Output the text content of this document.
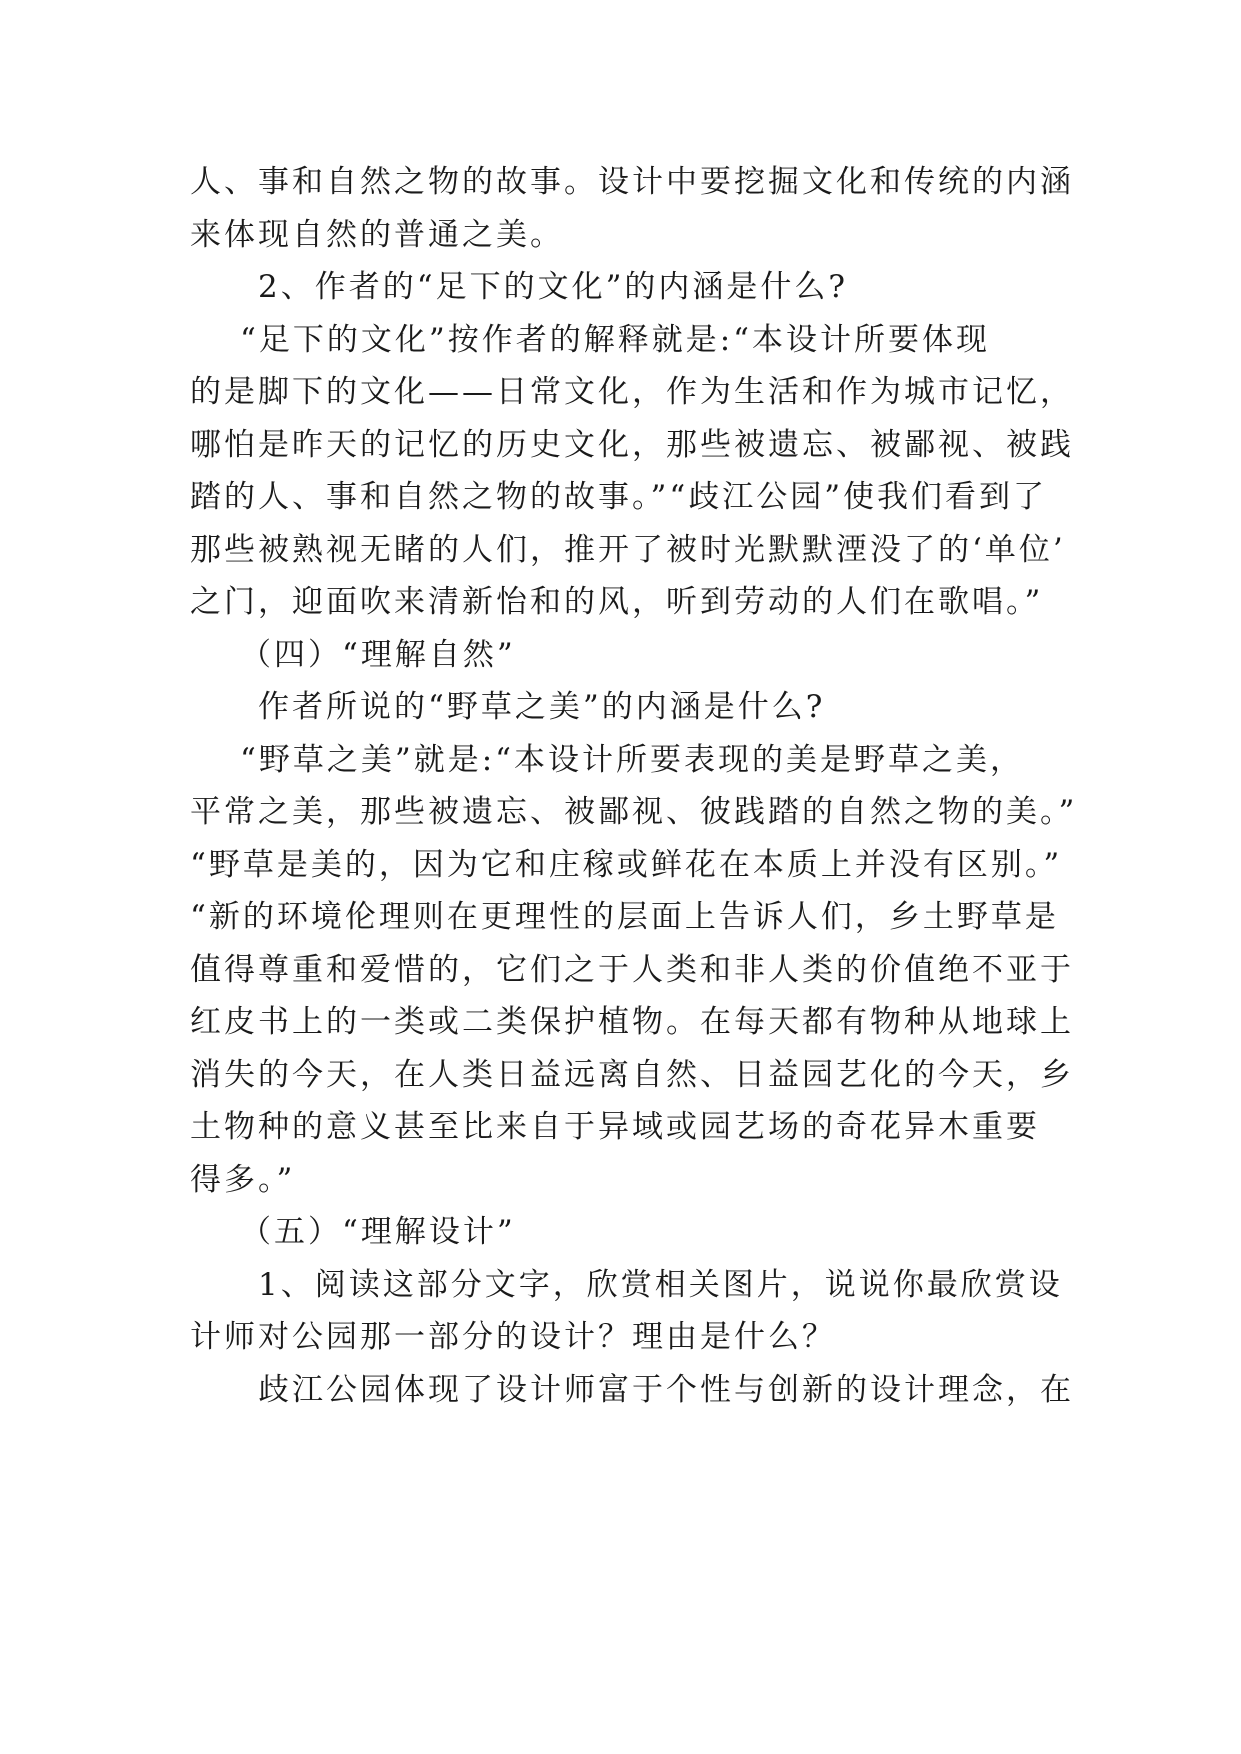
人、事和自然之物的故事。设计中要挖掘文化和传统的内涵
来体现自然的普通之美。
2、作者的“足下的文化”的内涵是什么?
“足下的文化”按作者的解释就是:“本设计所要体现
的是脚下的文化——日常文化，作为生活和作为城市记忆，
哪怕是昨天的记忆的历史文化，那些被遗忘、被鄙视、被践
踏的人、事和自然之物的故事。”“歧江公园”使我们看到了
那些被熟视无睹的人们，推开了被时光默默湮没了的‘单位’
之门，迎面吹来清新怡和的风，听到劳动的人们在歌唱。”
（四）“理解自然”
作者所说的“野草之美”的内涵是什么?
“野草之美”就是:“本设计所要表现的美是野草之美，
平常之美，那些被遗忘、被鄙视、彼践踏的自然之物的美。”
“野草是美的，因为它和庄稼或鲜花在本质上并没有区别。”
“新的环境伦理则在更理性的层面上告诉人们，乡土野草是
值得尊重和爱惜的，它们之于人类和非人类的价值绝不亚于
红皮书上的一类或二类保护植物。在每天都有物种从地球上
消失的今天，在人类日益远离自然、日益园艺化的今天，乡
土物种的意义甚至比来自于异域或园艺场的奇花异木重要
得多。”
（五）“理解设计”
1、阅读这部分文字，欣赏相关图片，说说你最欣赏设
计师对公园那一部分的设计？理由是什么？
歧江公园体现了设计师富于个性与创新的设计理念，在
